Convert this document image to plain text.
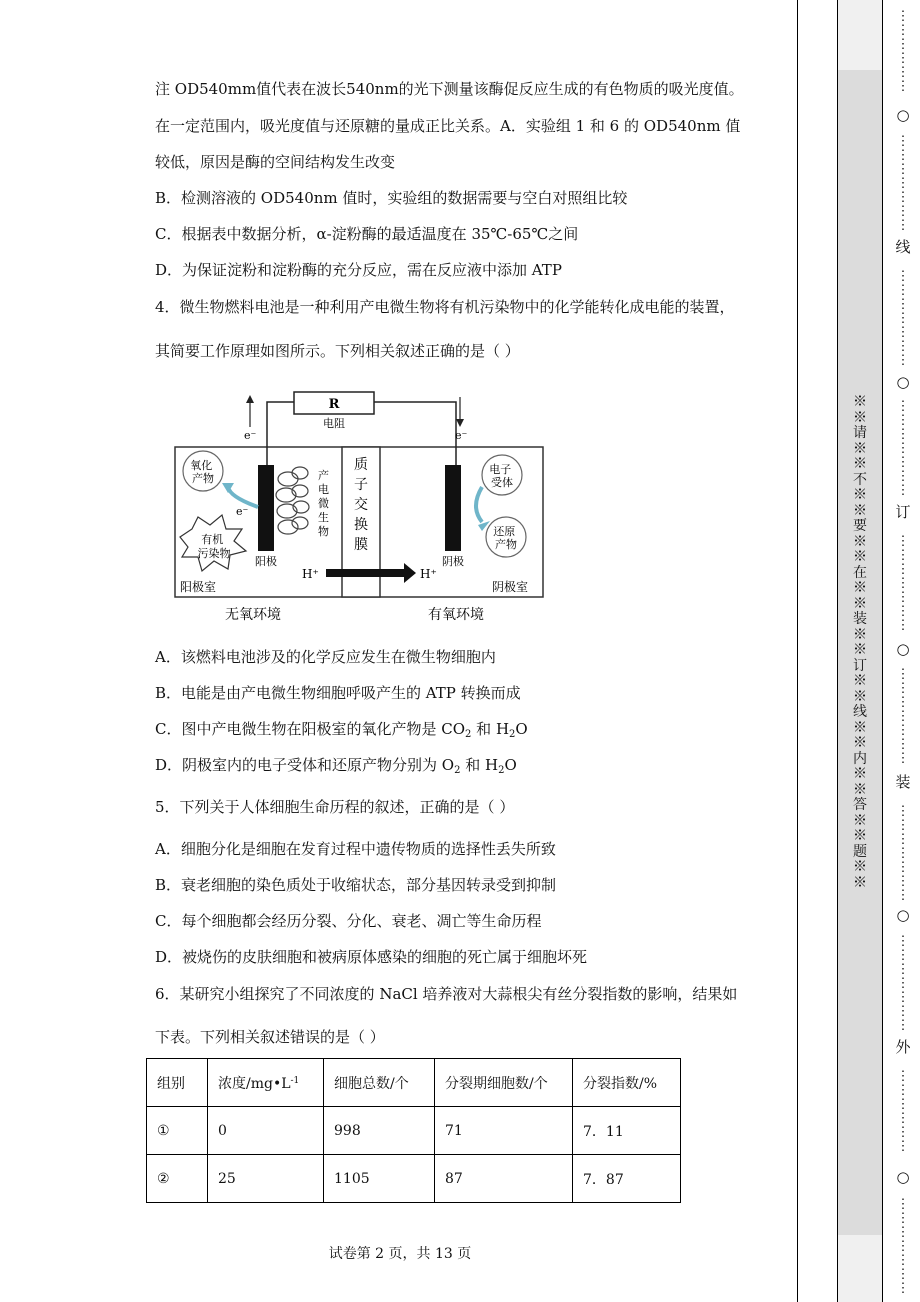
注 OD540mm值代表在波长540nm的光下测量该酶促反应生成的有色物质的吸光度值。
在一定范围内，吸光度值与还原糖的量成正比关系。A．实验组 1 和 6 的 OD540nm 值
较低，原因是酶的空间结构发生改变
B．检测溶液的 OD540nm 值时，实验组的数据需要与空白对照组比较
C．根据表中数据分析，α-淀粉酶的最适温度在 35℃-65℃之间
D．为保证淀粉和淀粉酶的充分反应，需在反应液中添加 ATP
4．微生物燃料电池是一种利用产电微生物将有机污染物中的化学能转化成电能的装置，
其简要工作原理如图所示。下列相关叙述正确的是（ ）
R
电阻
e⁻	e⁻
阳极	阴极
产 电 微 生 物
质 子 交 换 膜
氧化 产物
e⁻
有机 污染物
H⁺	H⁺
阳极室	阴极室
电子 受体
还原 产物
无氧环境	有氧环境
A．该燃料电池涉及的化学反应发生在微生物细胞内
B．电能是由产电微生物细胞呼吸产生的 ATP 转换而成
C．图中产电微生物在阳极室的氧化产物是 $CO_2$ 和 $H_2O$
D．阴极室内的电子受体和还原产物分别为 $O_2$ 和 $H_2O$
5．下列关于人体细胞生命历程的叙述，正确的是（ ）
A．细胞分化是细胞在发育过程中遗传物质的选择性丢失所致
B．衰老细胞的染色质处于收缩状态，部分基因转录受到抑制
C．每个细胞都会经历分裂、分化、衰老、凋亡等生命历程
D．被烧伤的皮肤细胞和被病原体感染的细胞的死亡属于细胞坏死
6．某研究小组探究了不同浓度的 NaCl 培养液对大蒜根尖有丝分裂指数的影响，结果如
下表。下列相关叙述错误的是（ ）
组别	浓度$/mg•L^{-1}$	细胞总数/个	分裂期细胞数/个	分裂指数/%
①	0	998	71	7．11
②	25	1105	87	7．87
试卷第 2 页，共 13 页
※※请※※不※※要※※在※※装※※订※※线※※内※※答※※题※※
⋮
⋮
⋮
⋮
⋮
⋮
○
⋮
⋮
⋮
⋮
⋮
⋮
⋮
线
⋮
⋮
⋮
⋮
⋮
⋮
⋮
○
⋮
⋮
⋮
⋮
⋮
⋮
⋮
订
⋮
⋮
⋮
⋮
⋮
⋮
⋮
○
⋮
⋮
⋮
⋮
⋮
⋮
⋮
装
⋮
⋮
⋮
⋮
⋮
⋮
⋮
○
⋮
⋮
⋮
⋮
⋮
⋮
⋮
外
⋮
⋮
⋮
⋮
⋮
⋮
○
⋮
⋮
⋮
⋮
⋮
⋮
⋮
